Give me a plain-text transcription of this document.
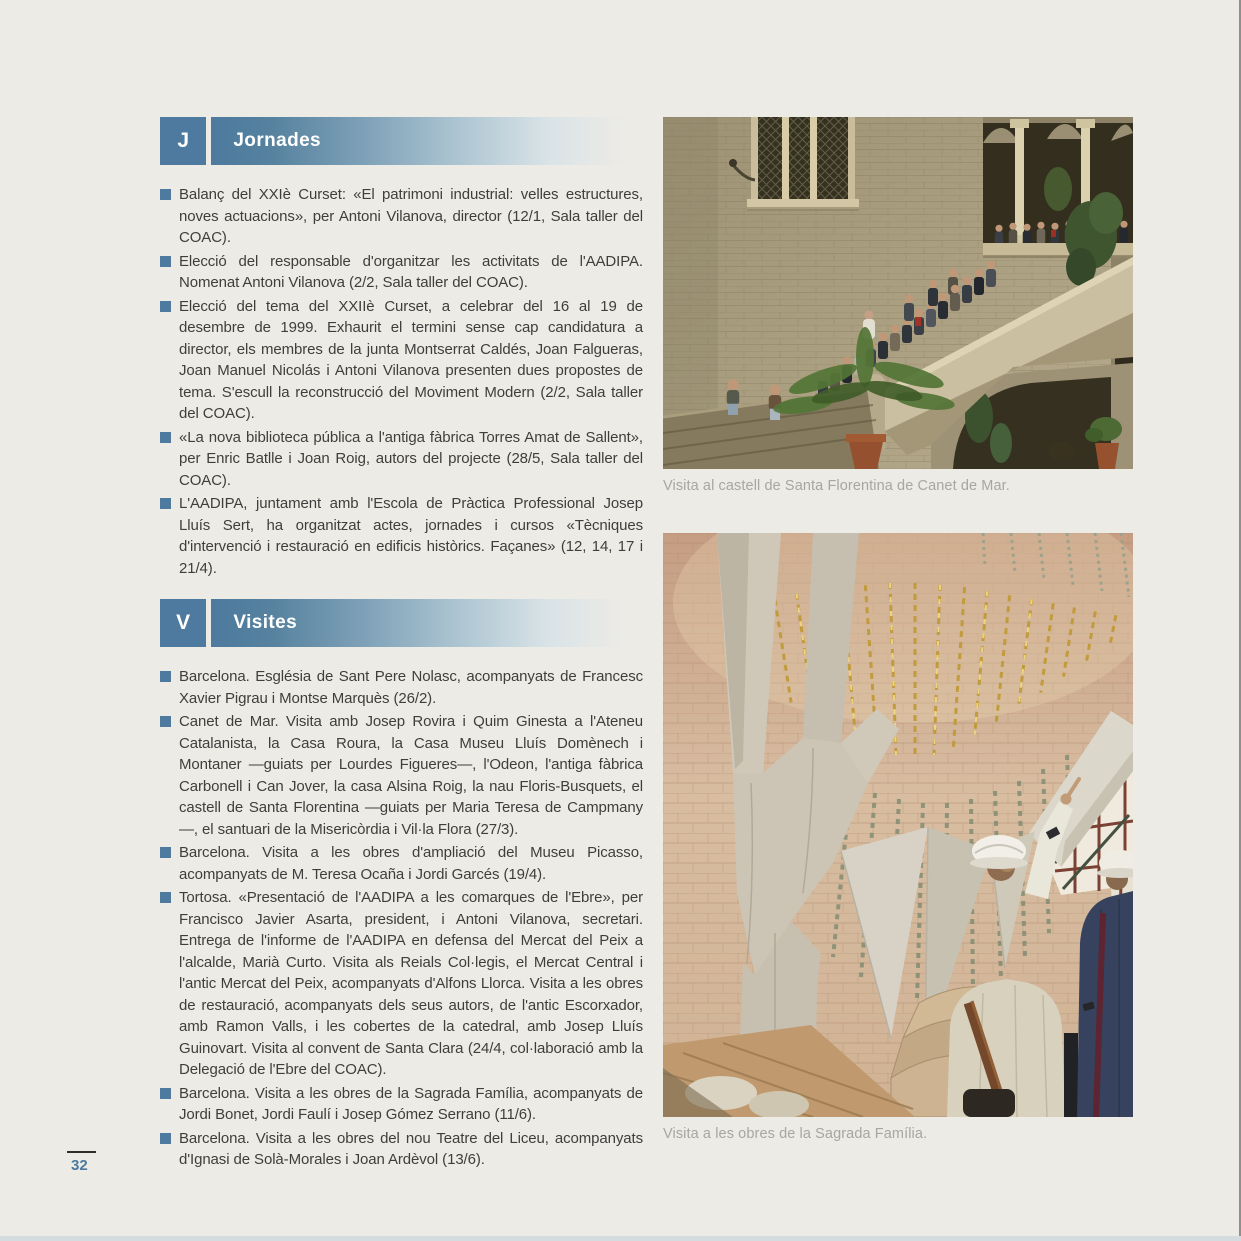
J	Jornades
Balanç del XXIè Curset: «El patrimoni industrial: velles estructures, noves actuacions», per Antoni Vilanova, director (12/1, Sala taller del COAC).
Elecció del responsable d'organitzar les activitats de l'AADIPA. Nomenat Antoni Vilanova (2/2, Sala taller del COAC).
Elecció del tema del XXIIè Curset, a celebrar del 16 al 19 de desembre de 1999. Exhaurit el termini sense cap candidatura a director, els membres de la junta Montserrat Caldés, Joan Falgueras, Joan Manuel Nicolás i Antoni Vilanova presenten dues propostes de tema. S'escull la reconstrucció del Moviment Modern (2/2, Sala taller del COAC).
«La nova biblioteca pública a l'antiga fàbrica Torres Amat de Sallent», per Enric Batlle i Joan Roig, autors del projecte (28/5, Sala taller del COAC).
L'AADIPA, juntament amb l'Escola de Pràctica Professional Josep Lluís Sert, ha organitzat actes, jornades i cursos «Tècniques d'intervenció i restauració en edificis històrics. Façanes» (12, 14, 17 i 21/4).
V	Visites
Barcelona. Església de Sant Pere Nolasc, acompanyats de Francesc Xavier Pigrau i Montse Marquès (26/2).
Canet de Mar. Visita amb Josep Rovira i Quim Ginesta a l'Ateneu Catalanista, la Casa Roura, la Casa Museu Lluís Domènech i Montaner —guiats per Lourdes Figueres—, l'Odeon, l'antiga fàbrica Carbonell i Can Jover, la casa Alsina Roig, la nau Floris-Busquets, el castell de Santa Florentina —guiats per Maria Teresa de Campmany—, el santuari de la Misericòrdia i Vil·la Flora (27/3).
Barcelona. Visita a les obres d'ampliació del Museu Picasso, acompanyats de M. Teresa Ocaña i Jordi Garcés (19/4).
Tortosa. «Presentació de l'AADIPA a les comarques de l'Ebre», per Francisco Javier Asarta, president, i Antoni Vilanova, secretari. Entrega de l'informe de l'AADIPA en defensa del Mercat del Peix a l'alcalde, Marià Curto. Visita als Reials Col·legis, el Mercat Central i l'antic Mercat del Peix, acompanyats d'Alfons Llorca. Visita a les obres de restauració, acompanyats dels seus autors, de l'antic Escorxador, amb Ramon Valls, i les cobertes de la catedral, amb Josep Lluís Guinovart. Visita al convent de Santa Clara (24/4, col·laboració amb la Delegació de l'Ebre del COAC).
Barcelona. Visita a les obres de la Sagrada Família, acompanyats de Jordi Bonet, Jordi Faulí i Josep Gómez Serrano (11/6).
Barcelona. Visita a les obres del nou Teatre del Liceu, acompanyats d'Ignasi de Solà-Morales i Joan Ardèvol (13/6).
Visita al castell de Santa Florentina de Canet de Mar.
Visita a les obres de la Sagrada Família.
32
